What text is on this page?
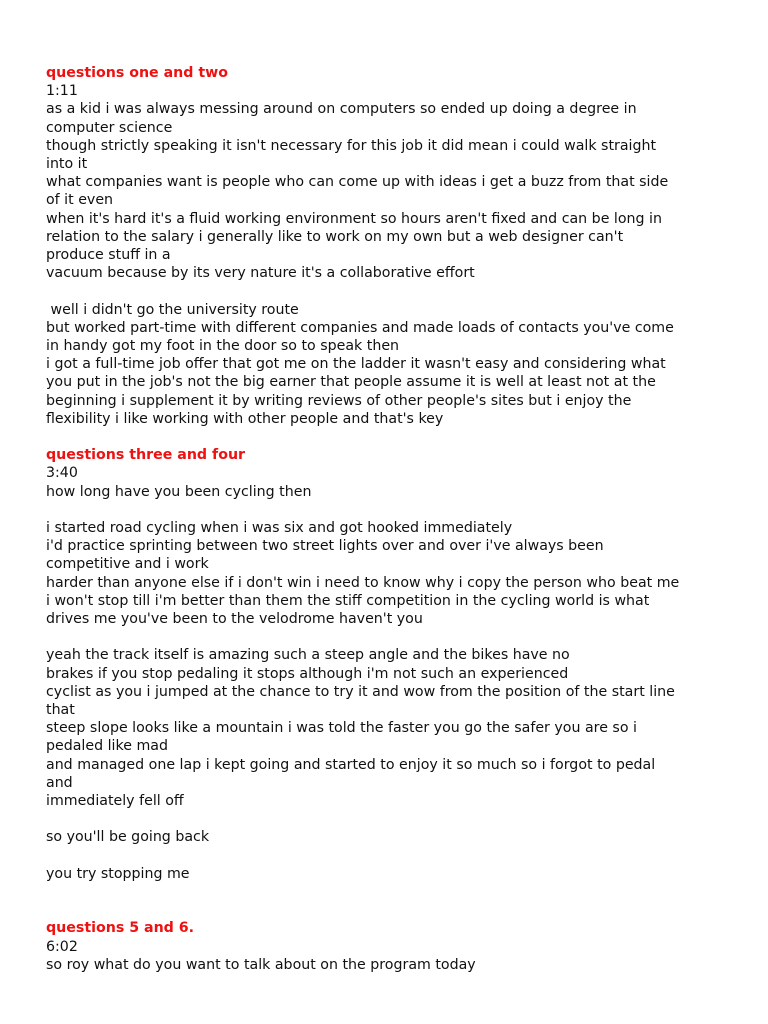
questions one and two
1:11
as a kid i was always messing around on computers so ended up doing a degree in
computer science
though strictly speaking it isn't necessary for this job it did mean i could walk straight
into it
what companies want is people who can come up with ideas i get a buzz from that side
of it even
when it's hard it's a fluid working environment so hours aren't fixed and can be long in
relation to the salary i generally like to work on my own but a web designer can't
produce stuff in a
vacuum because by its very nature it's a collaborative effort
well i didn't go the university route
but worked part-time with different companies and made loads of contacts you've come
in handy got my foot in the door so to speak then
i got a full-time job offer that got me on the ladder it wasn't easy and considering what
you put in the job's not the big earner that people assume it is well at least not at the
beginning i supplement it by writing reviews of other people's sites but i enjoy the
flexibility i like working with other people and that's key
questions three and four
3:40
how long have you been cycling then
i started road cycling when i was six and got hooked immediately
i'd practice sprinting between two street lights over and over i've always been
competitive and i work
harder than anyone else if i don't win i need to know why i copy the person who beat me
i won't stop till i'm better than them the stiff competition in the cycling world is what
drives me you've been to the velodrome haven't you
yeah the track itself is amazing such a steep angle and the bikes have no
brakes if you stop pedaling it stops although i'm not such an experienced
cyclist as you i jumped at the chance to try it and wow from the position of the start line
that
steep slope looks like a mountain i was told the faster you go the safer you are so i
pedaled like mad
and managed one lap i kept going and started to enjoy it so much so i forgot to pedal
and
immediately fell off
so you'll be going back
you try stopping me
questions 5 and 6.
6:02
so roy what do you want to talk about on the program today
